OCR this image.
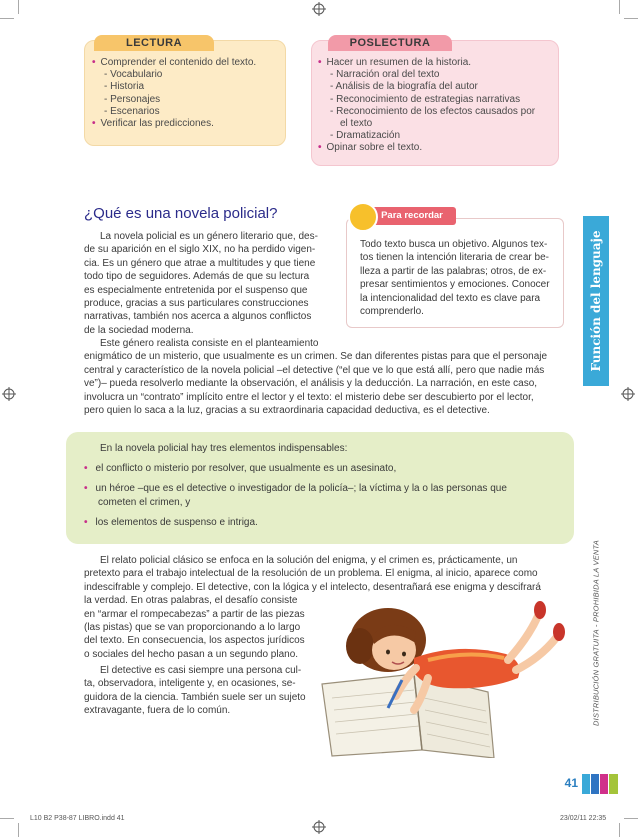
LECTURA
• Comprender el contenido del texto.
- Vocabulario
- Historia
- Personajes
- Escenarios
• Verificar las predicciones.
POSLECTURA
• Hacer un resumen de la historia.
- Narración oral del texto
- Análisis de la biografía del autor
- Reconocimiento de estrategias narrativas
- Reconocimiento de los efectos causados por
el texto
- Dramatización
• Opinar sobre el texto.
¿Qué es una novela policial?

La novela policial es un género literario que, des-

de su aparición en el siglo XIX, no ha perdido vigen-

cia. Es un género que atrae a multitudes y que tiene

todo tipo de seguidores. Además de que su lectura

es especialmente entretenida por el suspenso que

produce, gracias a sus particulares construcciones

narrativas, también nos acerca a algunos conflictos

de la sociedad moderna.

Para recordar

Todo texto busca un objetivo. Algunos tex-

tos tienen la intención literaria de crear be-

lleza a partir de las palabras; otros, de ex-

presar sentimientos y emociones. Conocer

la intencionalidad del texto es clave para

comprenderlo.

Este género realista consiste en el planteamiento

enigmático de un misterio, que usualmente es un crimen. Se dan diferentes pistas para que el personaje

central y característico de la novela policial –el detective (“el que ve lo que está allí, pero que nadie más

ve”)– pueda resolverlo mediante la observación, el análisis y la deducción. La narración, en este caso,

involucra un “contrato” implícito entre el lector y el texto: el misterio debe ser descubierto por el lector,

pero quien lo saca a la luz, gracias a su extraordinaria capacidad deductiva, es el detective.

En la novela policial hay tres elementos indispensables:

• el conflicto o misterio por resolver, que usualmente es un asesinato,

• un héroe –que es el detective o investigador de la policía–; la víctima y la o las personas que

cometen el crimen, y

• los elementos de suspenso e intriga.

El relato policial clásico se enfoca en la solución del enigma, y el crimen es, prácticamente, un

pretexto para el trabajo intelectual de la resolución de un problema. El enigma, al inicio, aparece como

indescifrable y complejo. El detective, con la lógica y el intelecto, desentrañará ese enigma y descifrará

la verdad. En otras palabras, el desafío consiste

en “armar el rompecabezas” a partir de las piezas

(las pistas) que se van proporcionando a lo largo

del texto. En consecuencia, los aspectos jurídicos

o sociales del hecho pasan a un segundo plano.

El detective es casi siempre una persona cul-

ta, observadora, inteligente y, en ocasiones, se-

guidora de la ciencia. También suele ser un sujeto

extravagante, fuera de lo común.

Función del lenguaje
DISTRIBUCIÓN GRATUITA - PROHIBIDA LA VENTA
41
L10 B2 P38-87 LIBRO.indd 41	23/02/11 22:35
